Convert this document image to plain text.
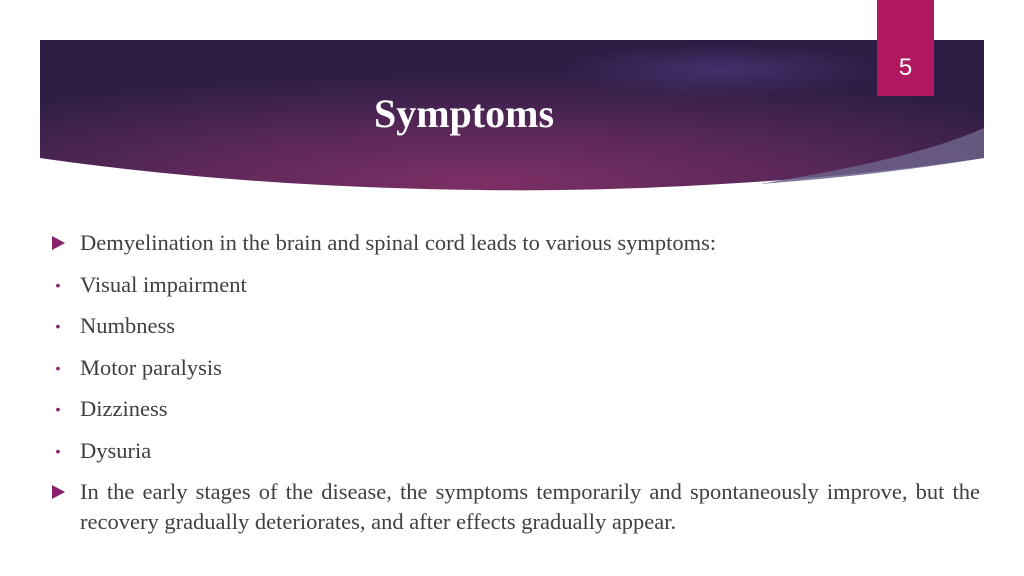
Symptoms
5
Demyelination in the brain and spinal cord leads to various symptoms:
• Visual impairment
• Numbness
• Motor paralysis
• Dizziness
• Dysuria
In the early stages of the disease, the symptoms temporarily and spontaneously improve, but the recovery gradually deteriorates, and after effects gradually appear.
